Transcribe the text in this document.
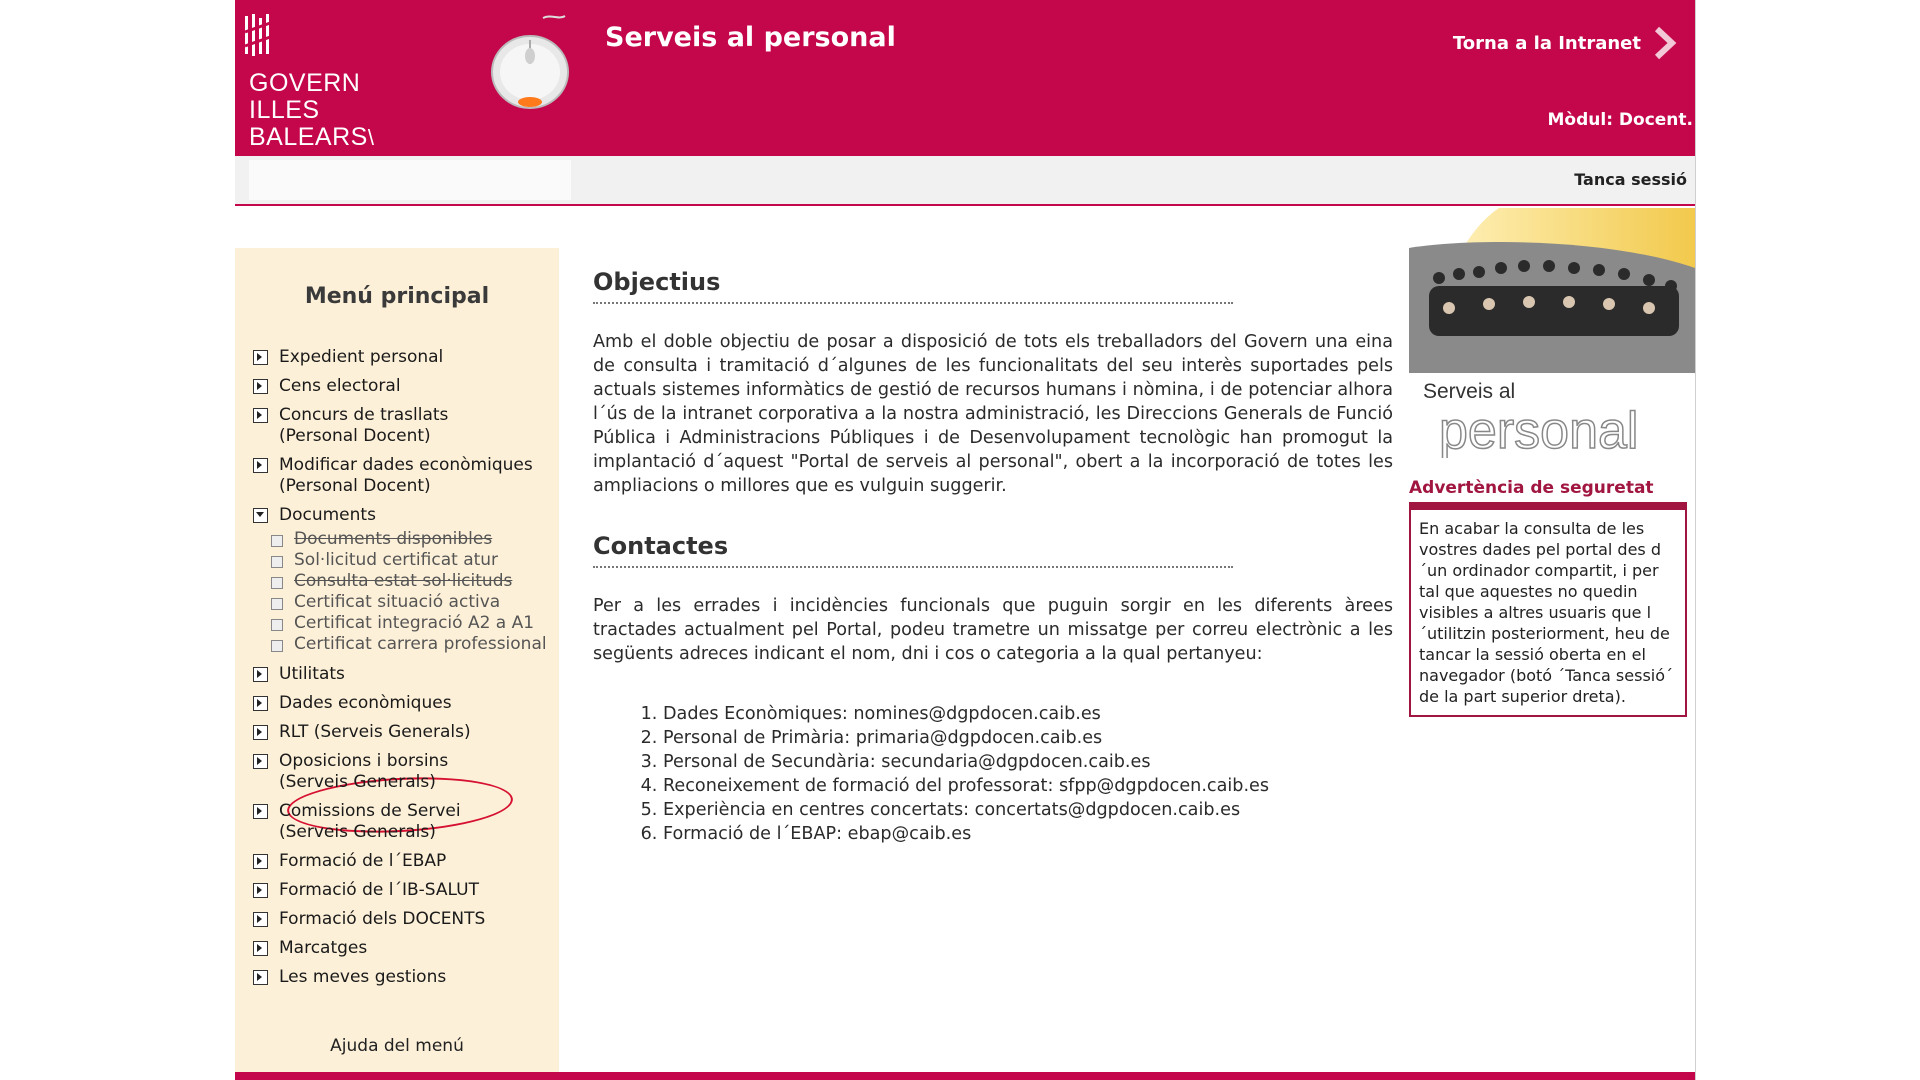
GOVERN
ILLES
BALEARS\
Serveis al personal	Torna a la Intranet
Mòdul: Docent.
Tanca sessió
Menú principal
Expedient personal
Cens electoral
Concurs de trasllats
(Personal Docent)
Modificar dades econòmiques
(Personal Docent)
Documents
Documents disponibles
Sol·licitud certificat atur
Consulta estat sol·licituds
Certificat situació activa
Certificat integració A2 a A1
Certificat carrera professional
Utilitats
Dades econòmiques
RLT (Serveis Generals)
Oposicions i borsins
(Serveis Generals)
Comissions de Servei
(Serveis Generals)
Formació de l´EBAP
Formació de l´IB-SALUT
Formació dels DOCENTS
Marcatges
Les meves gestions
Ajuda del menú
Objectius

Amb el doble objectiu de posar a disposició de tots els treballadors del Govern una eina de consulta i tramitació d´algunes de les funcionalitats del seu interès suportades pels actuals sistemes informàtics de gestió de recursos humans i nòmina, i de potenciar alhora l´ús de la intranet corporativa a la nostra administració, les Direccions Generals de Funció Pública i Administracions Públiques i de Desenvolupament tecnològic han promogut la implantació d´aquest "Portal de serveis al personal", obert a la incorporació de totes les ampliacions o millores que es vulguin suggerir.

Contactes

Per a les errades i incidències funcionals que puguin sorgir en les diferents àrees tractades actualment pel Portal, podeu trametre un missatge per correu electrònic a les següents adreces indicant el nom, dni i cos o categoria a la qual pertanyeu:

1. Dades Econòmiques: nomines@dgpdocen.caib.es
2. Personal de Primària: primaria@dgpdocen.caib.es
3. Personal de Secundària: secundaria@dgpdocen.caib.es
4. Reconeixement de formació del professorat: sfpp@dgpdocen.caib.es
5. Experiència en centres concertats: concertats@dgpdocen.caib.es
6. Formació de l´EBAP: ebap@caib.es
Serveis al
personal
Advertència de seguretat
En acabar la consulta de les vostres dades pel portal des d´un ordinador compartit, i per tal que aquestes no quedin visibles a altres usuaris que l´utilitzin posteriorment, heu de tancar la sessió oberta en el navegador (botó ´Tanca sessió´ de la part superior dreta).
